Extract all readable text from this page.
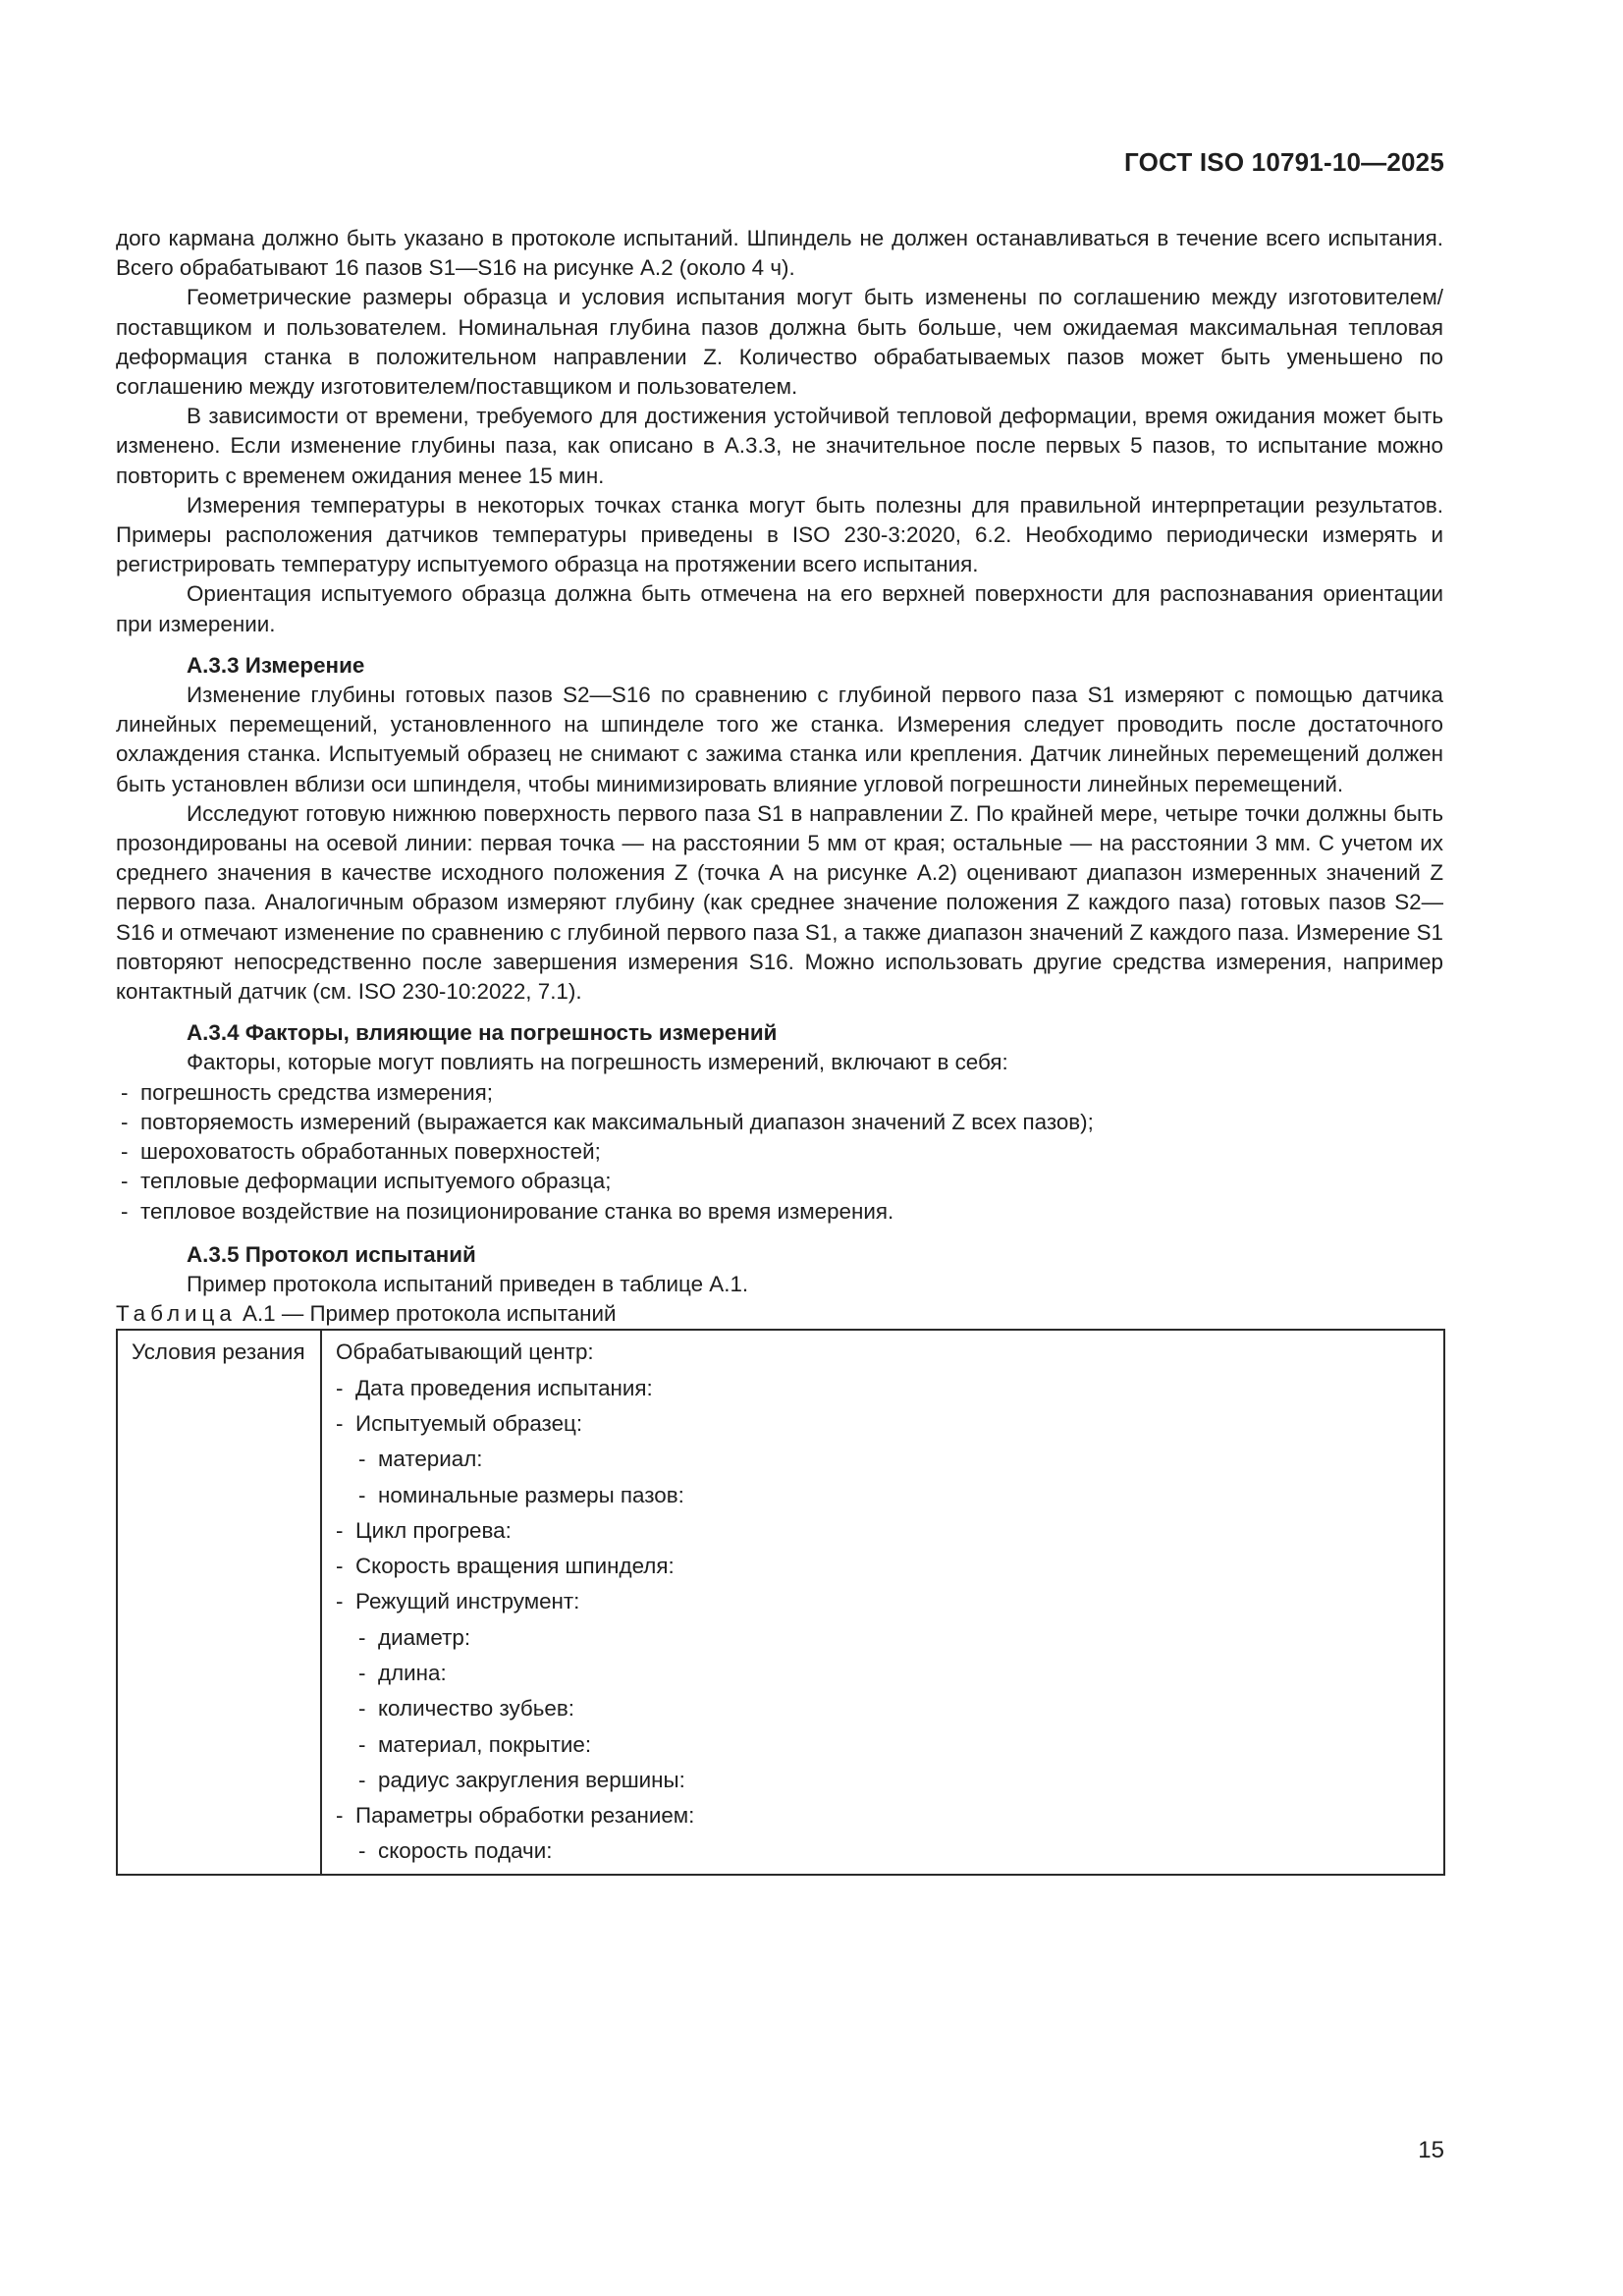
ГОСТ ISO 10791-10—2025

дого кармана должно быть указано в протоколе испытаний. Шпиндель не должен останавливаться в течение всего испытания. Всего обрабатывают 16 пазов S1—S16 на рисунке А.2 (около 4 ч).

Геометрические размеры образца и условия испытания могут быть изменены по соглашению между изготовителем/поставщиком и пользователем. Номинальная глубина пазов должна быть больше, чем ожидаемая максимальная тепловая деформация станка в положительном направлении Z. Количество обрабатываемых пазов может быть уменьшено по соглашению между изготовителем/поставщиком и пользователем.

В зависимости от времени, требуемого для достижения устойчивой тепловой деформации, время ожидания может быть изменено. Если изменение глубины паза, как описано в А.3.3, не значительное после первых 5 пазов, то испытание можно повторить с временем ожидания менее 15 мин.

Измерения температуры в некоторых точках станка могут быть полезны для правильной интерпретации результатов. Примеры расположения датчиков температуры приведены в ISO 230-3:2020, 6.2. Необходимо периодически измерять и регистрировать температуру испытуемого образца на протяжении всего испытания.

Ориентация испытуемого образца должна быть отмечена на его верхней поверхности для распознавания ориентации при измерении.

А.3.3 Измерение

Изменение глубины готовых пазов S2—S16 по сравнению с глубиной первого паза S1 измеряют с помощью датчика линейных перемещений, установленного на шпинделе того же станка. Измерения следует проводить после достаточного охлаждения станка. Испытуемый образец не снимают с зажима станка или крепления. Датчик линейных перемещений должен быть установлен вблизи оси шпинделя, чтобы минимизировать влияние угловой погрешности линейных перемещений.

Исследуют готовую нижнюю поверхность первого паза S1 в направлении Z. По крайней мере, четыре точки должны быть прозондированы на осевой линии: первая точка — на расстоянии 5 мм от края; остальные — на расстоянии 3 мм. С учетом их среднего значения в качестве исходного положения Z (точка А на рисунке А.2) оценивают диапазон измеренных значений Z первого паза. Аналогичным образом измеряют глубину (как среднее значение положения Z каждого паза) готовых пазов S2—S16 и отмечают изменение по сравнению с глубиной первого паза S1, а также диапазон значений Z каждого паза. Измерение S1 повторяют непосредственно после завершения измерения S16. Можно использовать другие средства измерения, например контактный датчик (см. ISO 230-10:2022, 7.1).

А.3.4 Факторы, влияющие на погрешность измерений

Факторы, которые могут повлиять на погрешность измерений, включают в себя:

- погрешность средства измерения;
- повторяемость измерений (выражается как максимальный диапазон значений Z всех пазов);
- шероховатость обработанных поверхностей;
- тепловые деформации испытуемого образца;
- тепловое воздействие на позиционирование станка во время измерения.

А.3.5 Протокол испытаний

Пример протокола испытаний приведен в таблице А.1.

Таблица А.1 — Пример протокола испытаний

Условия резания	Обрабатывающий центр:
- Дата проведения испытания:
- Испытуемый образец:
- материал:
- номинальные размеры пазов:
- Цикл прогрева:
- Скорость вращения шпинделя:
- Режущий инструмент:
- диаметр:
- длина:
- количество зубьев:
- материал, покрытие:
- радиус закругления вершины:
- Параметры обработки резанием:
- скорость подачи:
15
